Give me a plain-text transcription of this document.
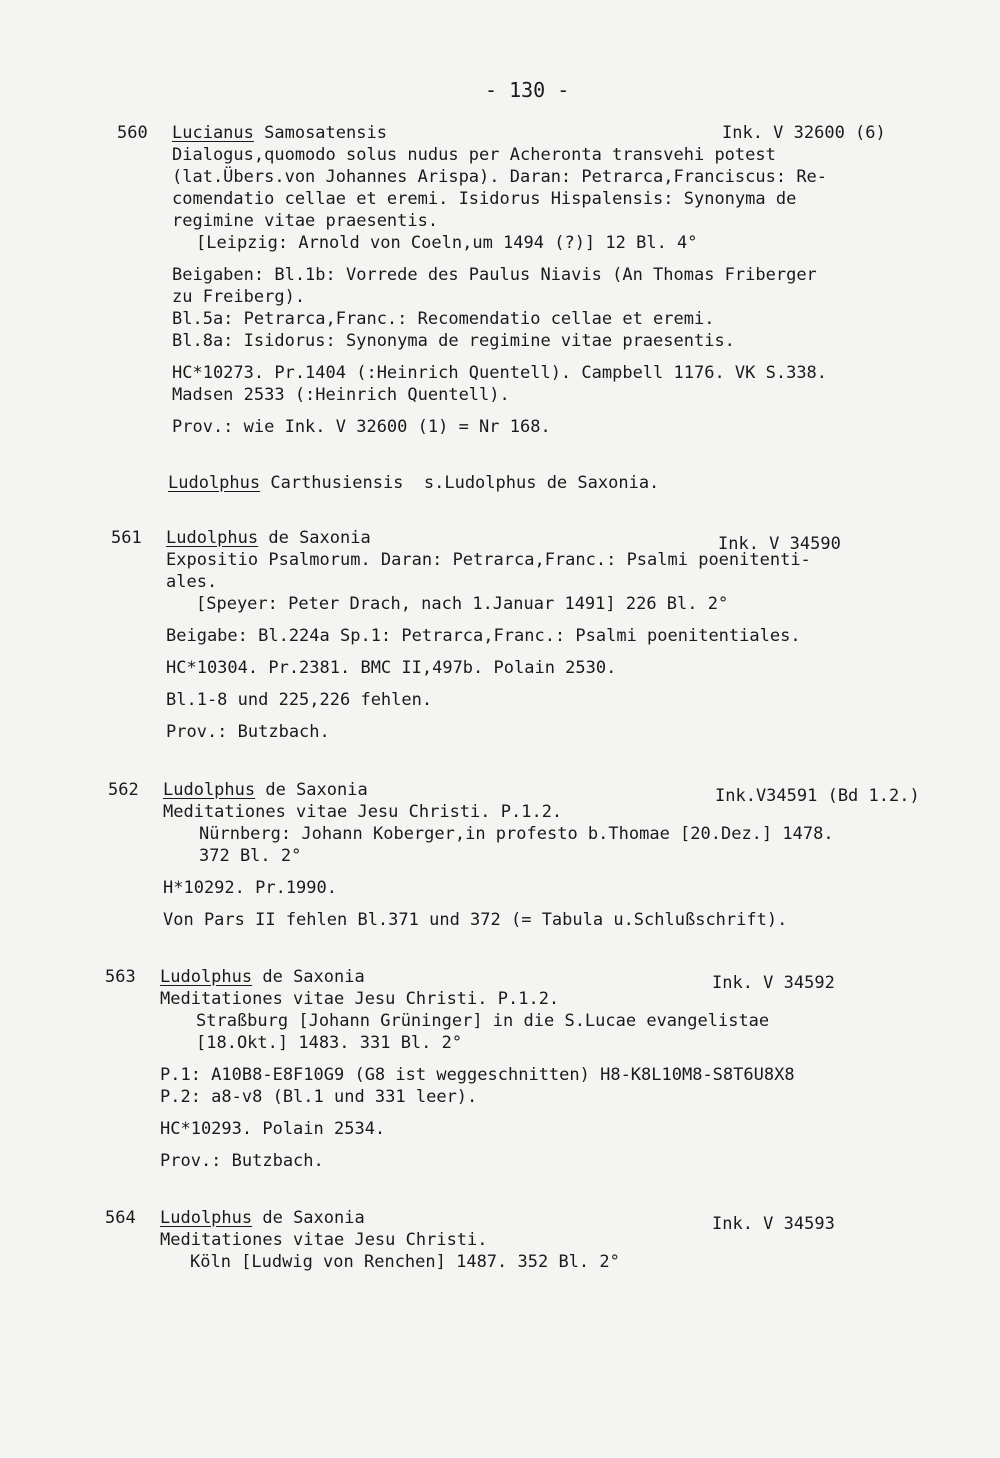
- 130 -
560 Lucianus Samosatensis	Ink. V 32600 (6)
Dialogus,quomodo solus nudus per Acheronta transvehi potest
(lat.Übers.von Johannes Arispa). Daran: Petrarca,Franciscus: Re-
comendatio cellae et eremi. Isidorus Hispalensis: Synonyma de
regimine vitae praesentis.
[Leipzig: Arnold von Coeln,um 1494 (?)] 12 Bl. 4°
Beigaben: Bl.1b: Vorrede des Paulus Niavis (An Thomas Friberger
zu Freiberg).
Bl.5a: Petrarca,Franc.: Recomendatio cellae et eremi.
Bl.8a: Isidorus: Synonyma de regimine vitae praesentis.
HC*10273. Pr.1404 (:Heinrich Quentell). Campbell 1176. VK S.338.
Madsen 2533 (:Heinrich Quentell).
Prov.: wie Ink. V 32600 (1) = Nr 168.
Ludolphus Carthusiensis  s.Ludolphus de Saxonia.
561 Ludolphus de Saxonia	Ink. V 34590
Expositio Psalmorum. Daran: Petrarca,Franc.: Psalmi poenitenti-
ales.
[Speyer: Peter Drach, nach 1.Januar 1491] 226 Bl. 2°
Beigabe: Bl.224a Sp.1: Petrarca,Franc.: Psalmi poenitentiales.
HC*10304. Pr.2381. BMC II,497b. Polain 2530.
Bl.1-8 und 225,226 fehlen.
Prov.: Butzbach.
562 Ludolphus de Saxonia	Ink.V34591 (Bd 1.2.)
Meditationes vitae Jesu Christi. P.1.2.
Nürnberg: Johann Koberger,in profesto b.Thomae [20.Dez.] 1478.
372 Bl. 2°
H*10292. Pr.1990.
Von Pars II fehlen Bl.371 und 372 (= Tabula u.Schlußschrift).
563 Ludolphus de Saxonia	Ink. V 34592
Meditationes vitae Jesu Christi. P.1.2.
Straßburg [Johann Grüninger] in die S.Lucae evangelistae
[18.Okt.] 1483. 331 Bl. 2°
P.1: A10B8-E8F10G9 (G8 ist weggeschnitten) H8-K8L10M8-S8T6U8X8
P.2: a8-v8 (Bl.1 und 331 leer).
HC*10293. Polain 2534.
Prov.: Butzbach.
564 Ludolphus de Saxonia	Ink. V 34593
Meditationes vitae Jesu Christi.
Köln [Ludwig von Renchen] 1487. 352 Bl. 2°
